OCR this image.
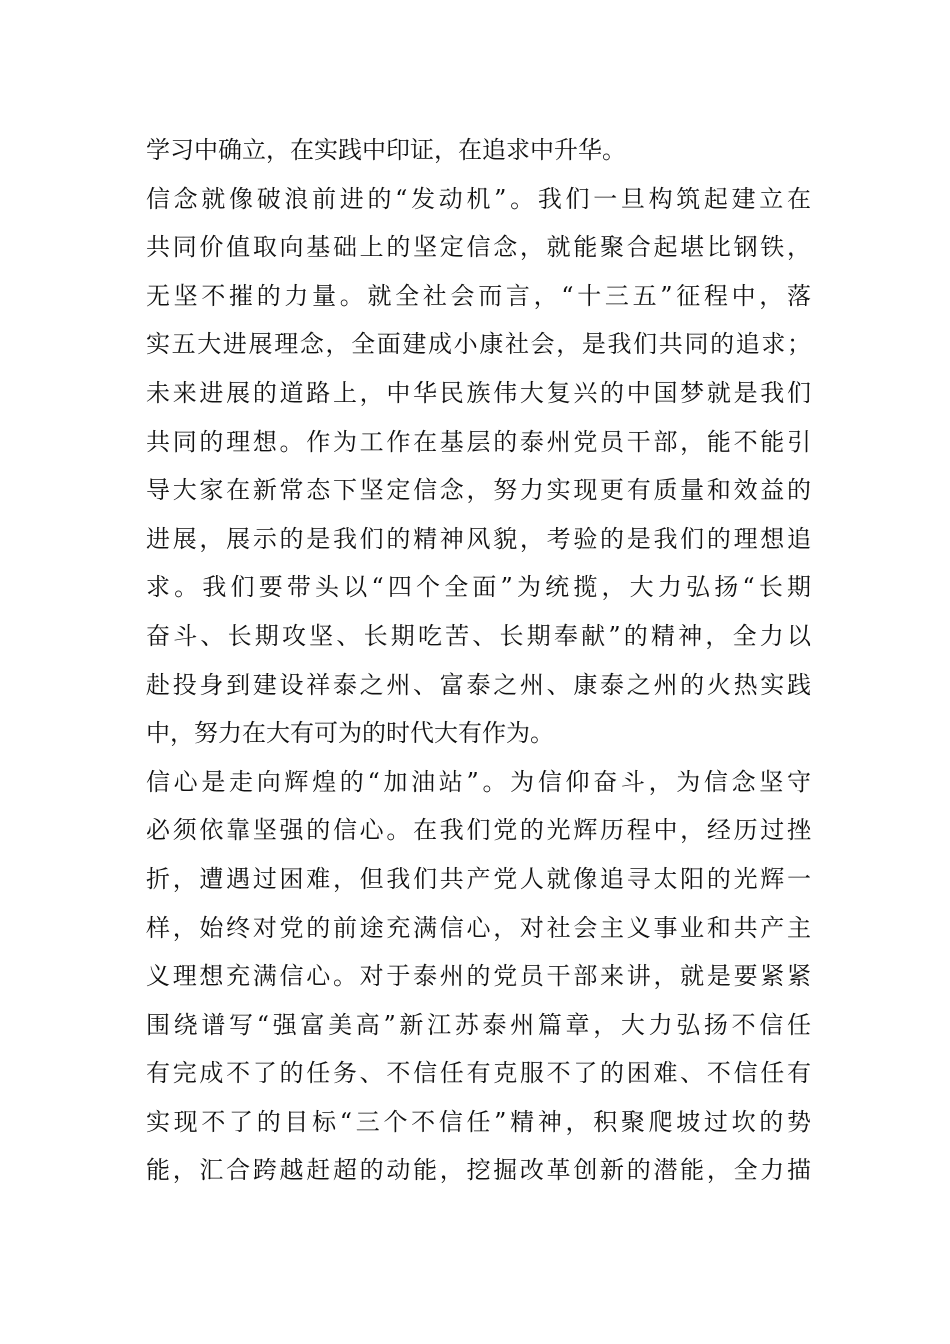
学习中确立，在实践中印证，在追求中升华。
信念就像破浪前进的“发动机”。我们一旦构筑起建立在
共同价值取向基础上的坚定信念，就能聚合起堪比钢铁，
无坚不摧的力量。就全社会而言，“十三五”征程中，落
实五大进展理念，全面建成小康社会，是我们共同的追求；
未来进展的道路上，中华民族伟大复兴的中国梦就是我们
共同的理想。作为工作在基层的泰州党员干部，能不能引
导大家在新常态下坚定信念，努力实现更有质量和效益的
进展，展示的是我们的精神风貌，考验的是我们的理想追
求。我们要带头以“四个全面”为统揽，大力弘扬“长期
奋斗、长期攻坚、长期吃苦、长期奉献”的精神，全力以
赴投身到建设祥泰之州、富泰之州、康泰之州的火热实践
中，努力在大有可为的时代大有作为。
信心是走向辉煌的“加油站”。为信仰奋斗，为信念坚守
必须依靠坚强的信心。在我们党的光辉历程中，经历过挫
折，遭遇过困难，但我们共产党人就像追寻太阳的光辉一
样，始终对党的前途充满信心，对社会主义事业和共产主
义理想充满信心。对于泰州的党员干部来讲，就是要紧紧
围绕谱写“强富美高”新江苏泰州篇章，大力弘扬不信任
有完成不了的任务、不信任有克服不了的困难、不信任有
实现不了的目标“三个不信任”精神，积聚爬坡过坎的势
能，汇合跨越赶超的动能，挖掘改革创新的潜能，全力描
